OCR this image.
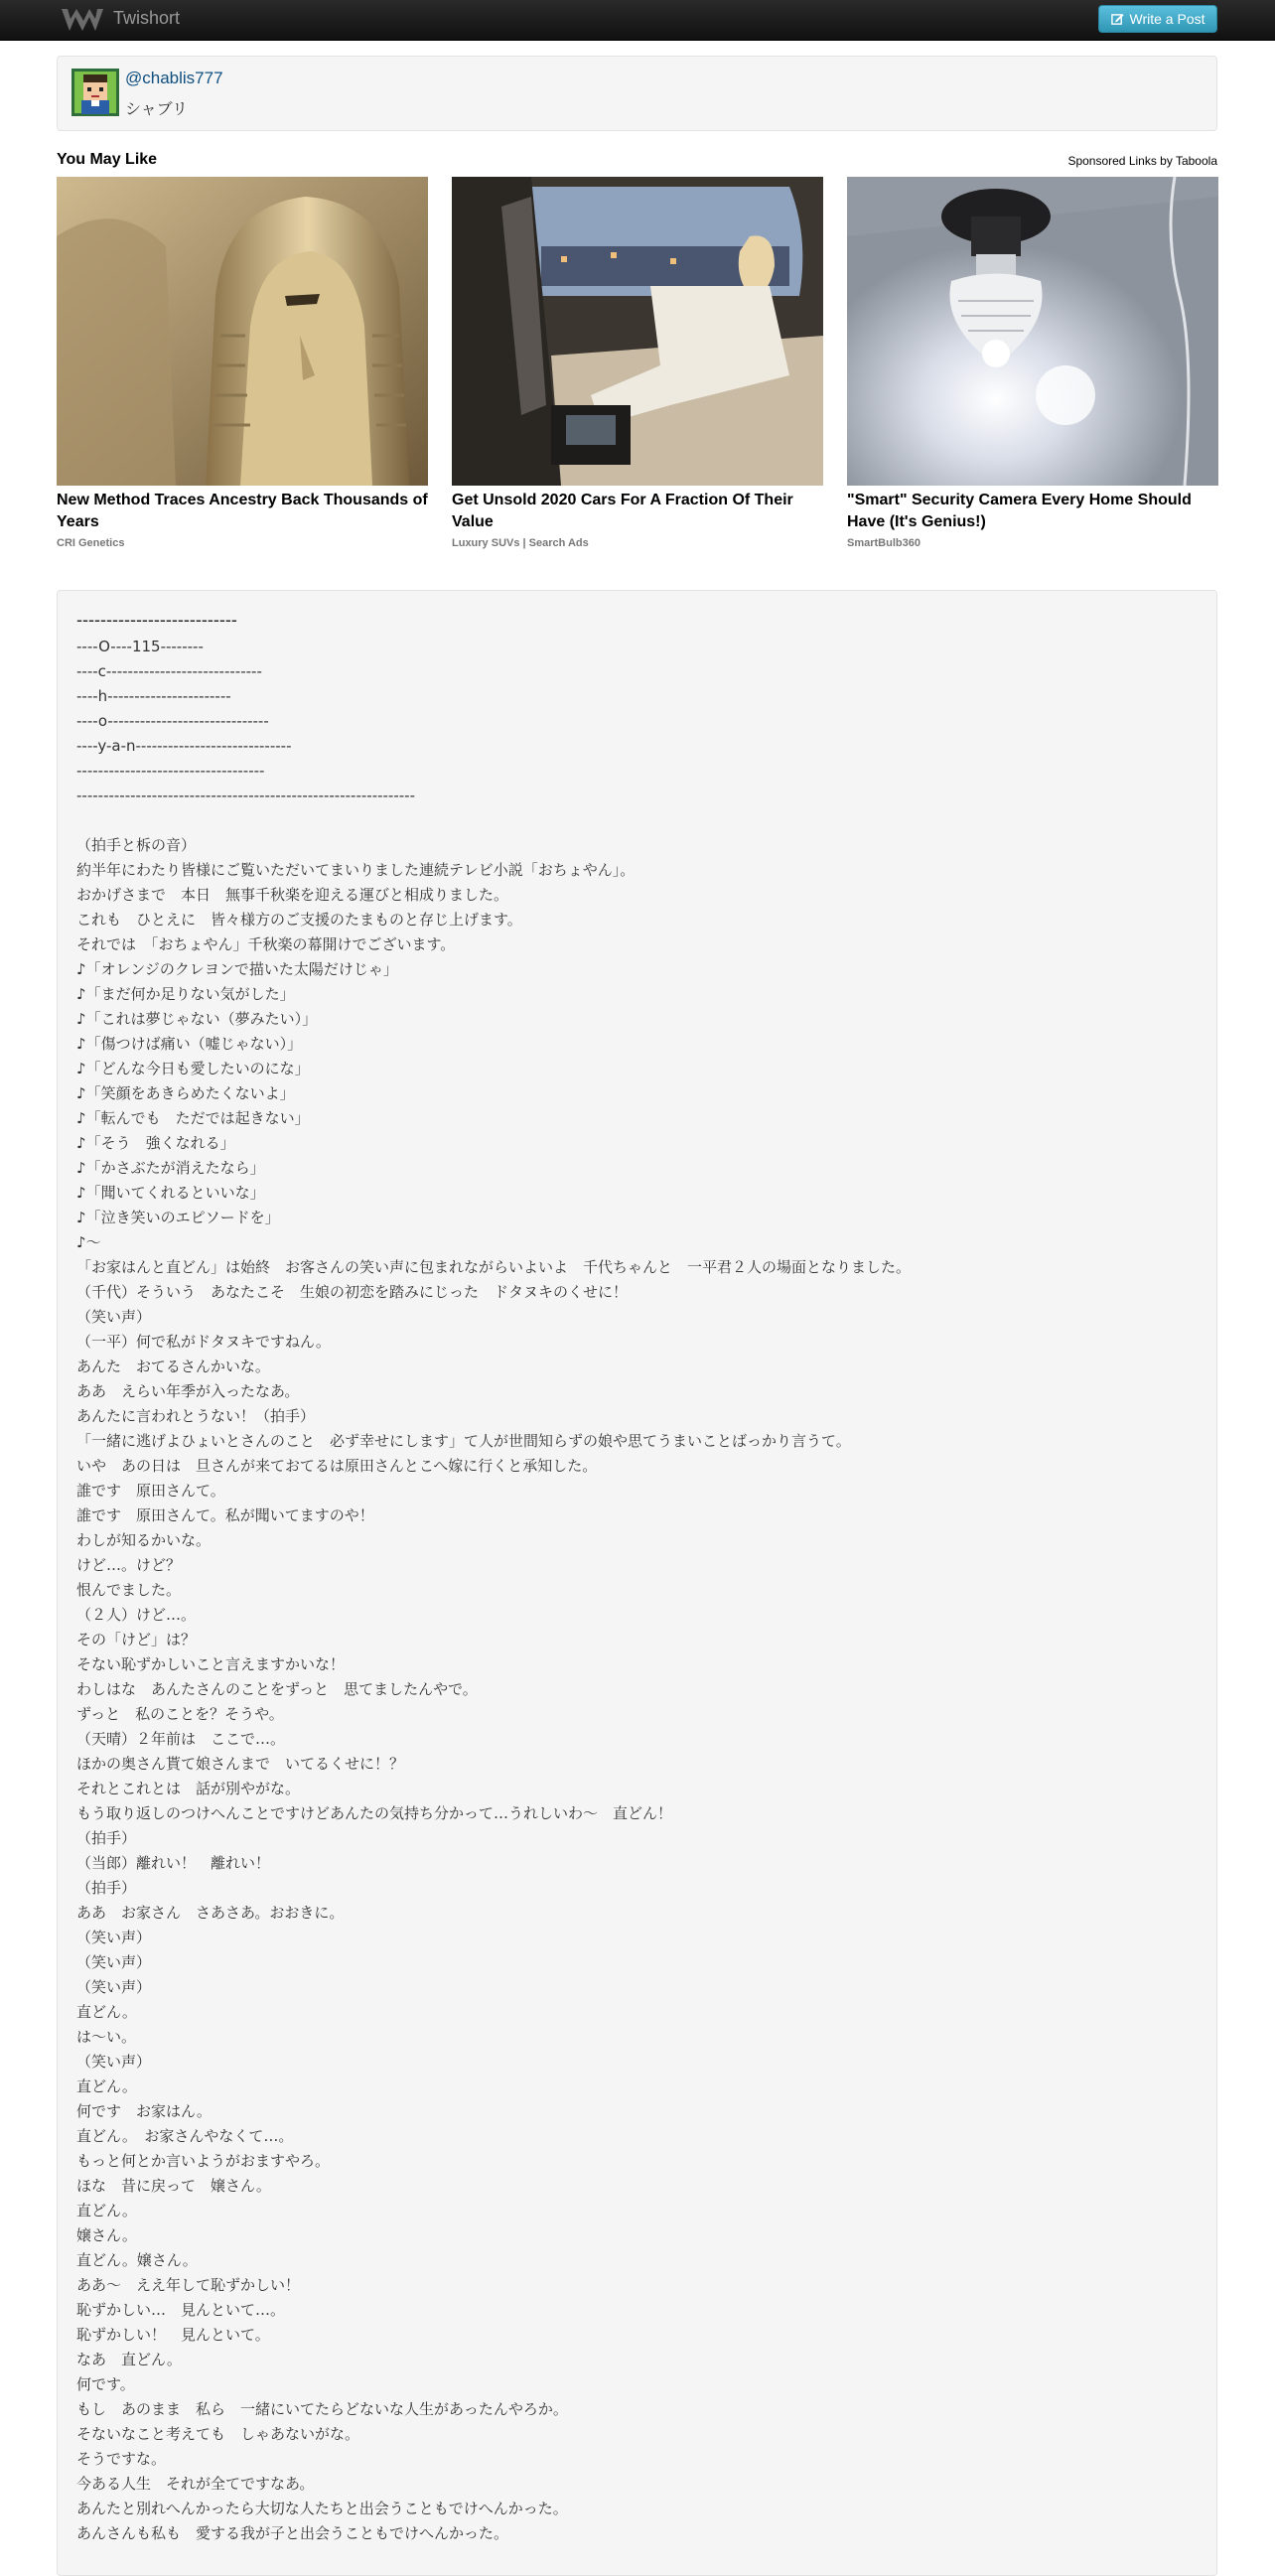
Twishort	Write a Post
@chablis777
シャブリ
You May Like	Sponsored Links by Taboola
New Method Traces Ancestry Back Thousands of Years
CRI Genetics
Get Unsold 2020 Cars For A Fraction Of Their Value
Luxury SUVs | Search Ads
"Smart" Security Camera Every Home Should Have (It's Genius!)
SmartBulb360
---------------------------
----O----115--------
----c-----------------------------
----h-----------------------
----o------------------------------
----y-a-n-----------------------------
-----------------------------------
---------------------------------------------------------------
（拍手と柝の音）
約半年にわたり皆様にご覧いただいてまいりました連続テレビ小説「おちょやん」。
おかげさまで　本日　無事千秋楽を迎える運びと相成りました。
これも　ひとえに　皆々様方のご支援のたまものと存じ上げます。
それでは　「おちょやん」千秋楽の幕開けでございます。
♪「オレンジのクレヨンで描いた太陽だけじゃ」
♪「まだ何か足りない気がした」
♪「これは夢じゃない（夢みたい）」
♪「傷つけば痛い（嘘じゃない）」
♪「どんな今日も愛したいのにな」
♪「笑顔をあきらめたくないよ」
♪「転んでも　ただでは起きない」
♪「そう　強くなれる」
♪「かさぶたが消えたなら」
♪「聞いてくれるといいな」
♪「泣き笑いのエピソードを」
♪～
「お家はんと直どん」は始終　お客さんの笑い声に包まれながらいよいよ　千代ちゃんと　一平君２人の場面となりました。
（千代）そういう　あなたこそ　生娘の初恋を踏みにじった　ドタヌキのくせに！
（笑い声）
（一平）何で私がドタヌキですねん。
あんた　おてるさんかいな。
ああ　えらい年季が入ったなあ。
あんたに言われとうない！（拍手）
「一緒に逃げよひょいとさんのこと　必ず幸せにします」て人が世間知らずの娘や思てうまいことばっかり言うて。
いや　あの日は　旦さんが来ておてるは原田さんとこへ嫁に行くと承知した。
誰です　原田さんて。
誰です　原田さんて。私が聞いてますのや！
わしが知るかいな。
けど…。けど？
恨んでました。
（２人）けど…。
その「けど」は？
そない恥ずかしいこと言えますかいな！
わしはな　あんたさんのことをずっと　思てましたんやで。
ずっと　私のことを？そうや。
（天晴）２年前は　ここで…。
ほかの奥さん貰て娘さんまで　いてるくせに！？
それとこれとは　話が別やがな。
もう取り返しのつけへんことですけどあんたの気持ち分かって…うれしいわ～　直どん！
（拍手）
（当郎）離れい！　離れい！
（拍手）
ああ　お家さん　さあさあ。おおきに。
（笑い声）
（笑い声）
（笑い声）
直どん。
は～い。
（笑い声）
直どん。
何です　お家はん。
直どん。　お家さんやなくて…。
もっと何とか言いようがおますやろ。
ほな　昔に戻って　嬢さん。
直どん。
嬢さん。
直どん。嬢さん。
ああ～　ええ年して恥ずかしい！
恥ずかしい…　見んといて…。
恥ずかしい！　見んといて。
なあ　直どん。
何です。
もし　あのまま　私ら　一緒にいてたらどないな人生があったんやろか。
そないなこと考えても　しゃあないがな。
そうですな。
今ある人生　それが全てですなあ。
あんたと別れへんかったら大切な人たちと出会うこともでけへんかった。
あんさんも私も　愛する我が子と出会うこともでけへんかった。
